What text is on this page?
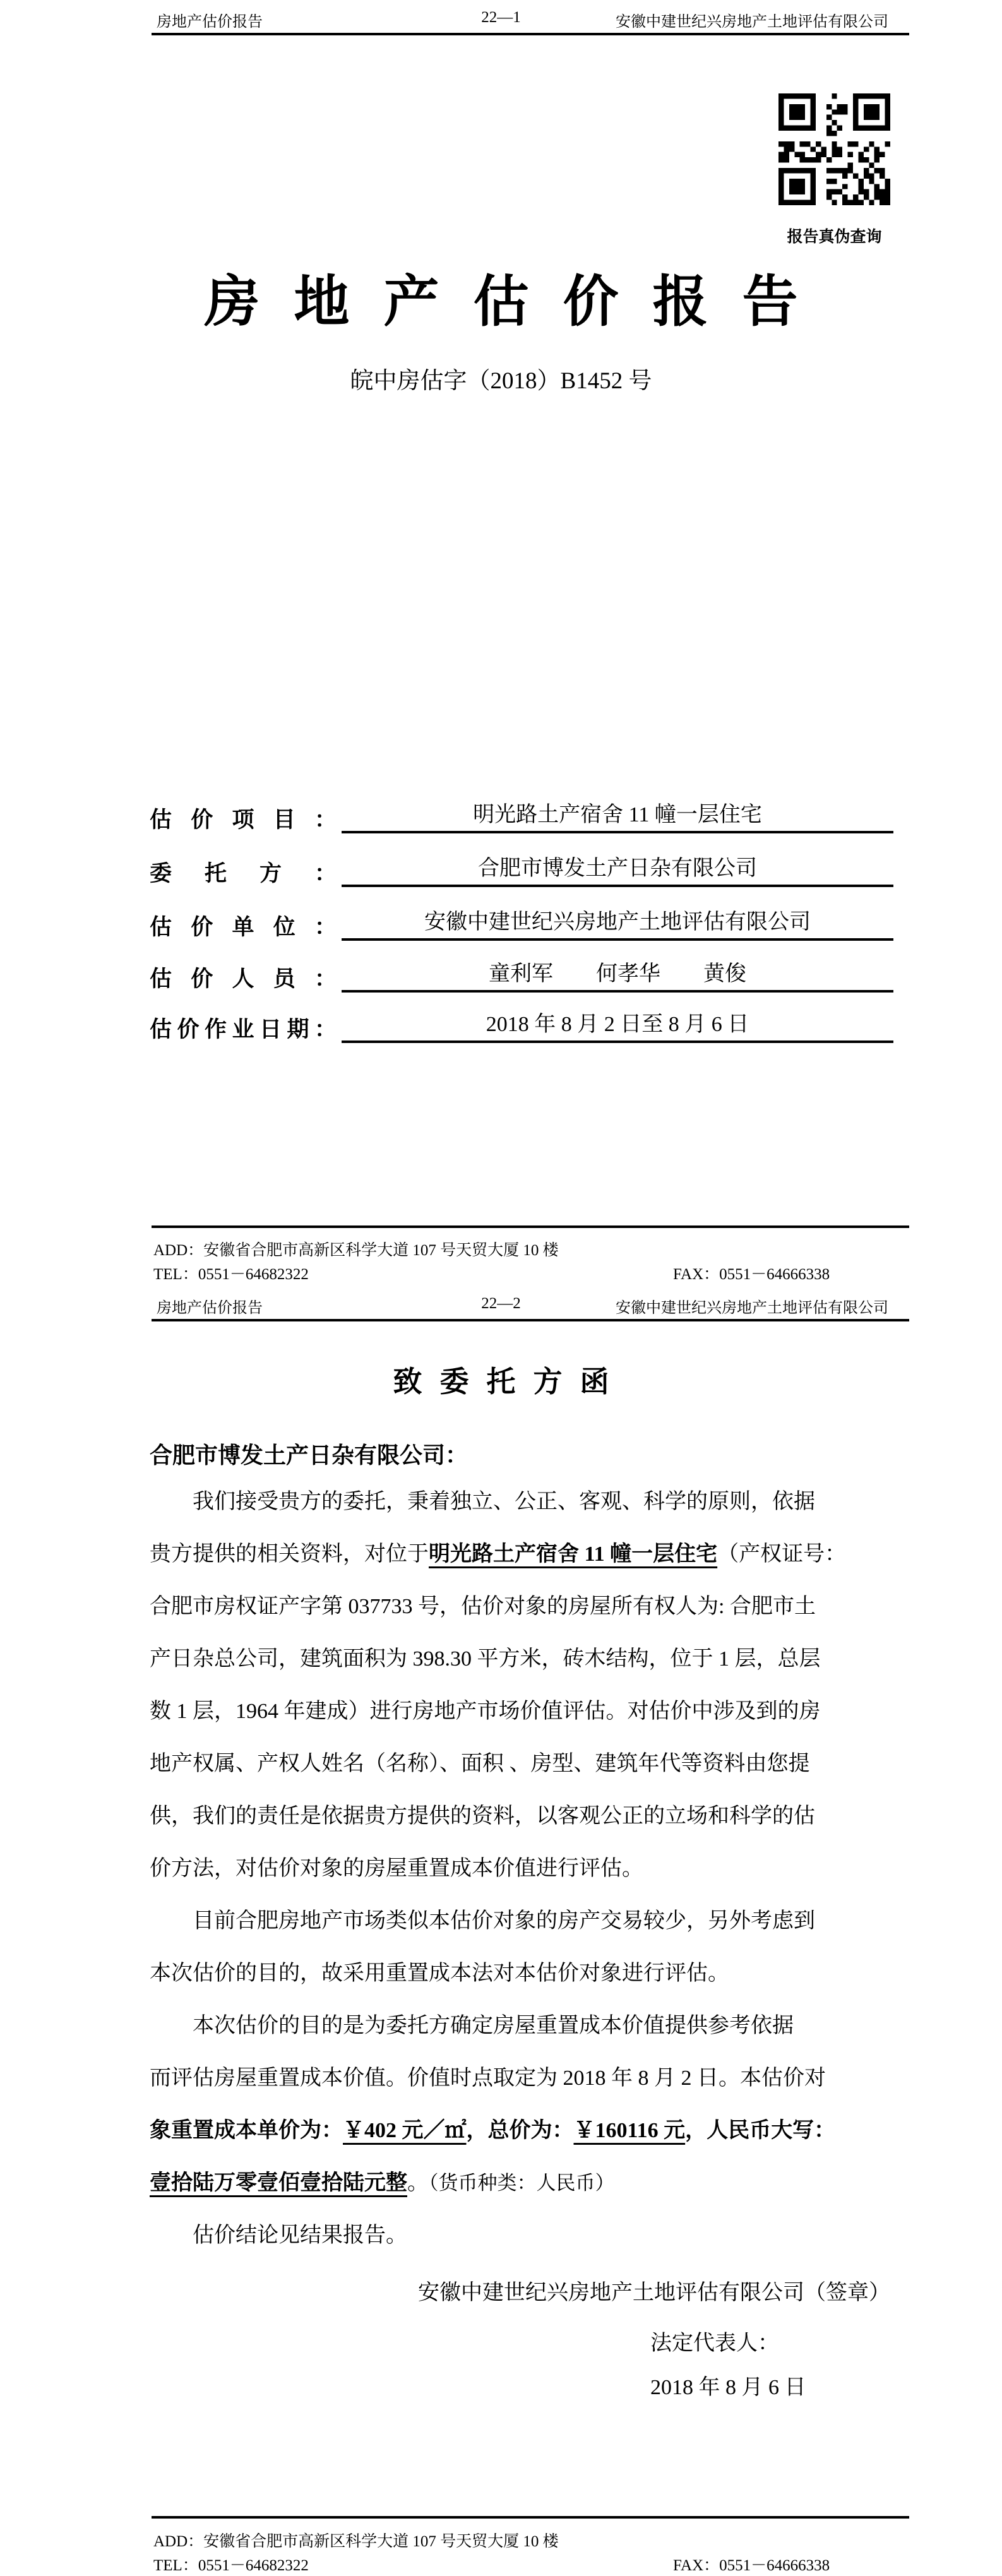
房地产估价报告	22—1	安徽中建世纪兴房地产土地评估有限公司
报告真伪查询
房地产估价报告
皖中房估字（2018）B1452 号
估价项目：	明光路土产宿舍 11 幢一层住宅
委托方：	合肥市博发土产日杂有限公司
估价单位：	安徽中建世纪兴房地产土地评估有限公司
估价人员：	童利军　　何孝华　　黄俊
估价作业日期：	2018 年 8 月 2 日至 8 月 6 日
ADD：安徽省合肥市高新区科学大道 107 号天贸大厦 10 楼
TEL：0551－64682322	FAX：0551－64666338
房地产估价报告	22—2	安徽中建世纪兴房地产土地评估有限公司
致委托方函
合肥市博发土产日杂有限公司：
我们接受贵方的委托，秉着独立、公正、客观、科学的原则，依据
贵方提供的相关资料，对位于明光路土产宿舍 11 幢一层住宅（产权证号：
合肥市房权证产字第 037733 号，估价对象的房屋所有权人为: 合肥市土
产日杂总公司，建筑面积为 398.30 平方米，砖木结构，位于 1 层，总层
数 1 层，1964 年建成）进行房地产市场价值评估。对估价中涉及到的房
地产权属、产权人姓名（名称）、面积 、房型、建筑年代等资料由您提
供，我们的责任是依据贵方提供的资料，以客观公正的立场和科学的估
价方法，对估价对象的房屋重置成本价值进行评估。
目前合肥房地产市场类似本估价对象的房产交易较少，另外考虑到
本次估价的目的，故采用重置成本法对本估价对象进行评估。
本次估价的目的是为委托方确定房屋重置成本价值提供参考依据
而评估房屋重置成本价值。价值时点取定为 2018 年 8 月 2 日。本估价对
象重置成本单价为：￥402 元／㎡，总价为：￥160116 元，人民币大写：
壹拾陆万零壹佰壹拾陆元整。（货币种类：人民币）
估价结论见结果报告。
安徽中建世纪兴房地产土地评估有限公司（签章）
法定代表人：
2018 年 8 月 6 日
ADD：安徽省合肥市高新区科学大道 107 号天贸大厦 10 楼
TEL：0551－64682322	FAX：0551－64666338
